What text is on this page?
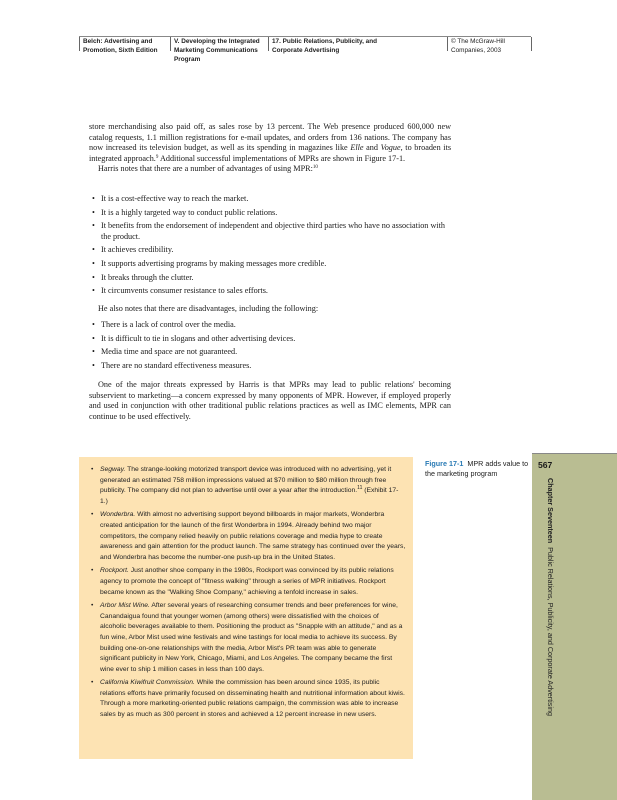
Belch: Advertising and Promotion, Sixth Edition
V. Developing the Integrated Marketing Communications Program
17. Public Relations, Publicity, and Corporate Advertising
© The McGraw-Hill Companies, 2003

store merchandising also paid off, as sales rose by 13 percent. The Web presence produced 600,000 new catalog requests, 1.1 million registrations for e-mail updates, and orders from 136 nations. The company has now increased its television budget, as well as its spending in magazines like Elle and Vogue, to broaden its integrated approach.$^9$ Additional successful implementations of MPRs are shown in Figure 17-1.

Harris notes that there are a number of advantages of using MPR:$^{10}$

• It is a cost-effective way to reach the market.
• It is a highly targeted way to conduct public relations.
• It benefits from the endorsement of independent and objective third parties who have no association with the product.
• It achieves credibility.
• It supports advertising programs by making messages more credible.
• It breaks through the clutter.
• It circumvents consumer resistance to sales efforts.

He also notes that there are disadvantages, including the following:

• There is a lack of control over the media.
• It is difficult to tie in slogans and other advertising devices.
• Media time and space are not guaranteed.
• There are no standard effectiveness measures.

One of the major threats expressed by Harris is that MPRs may lead to public relations' becoming subservient to marketing—a concern expressed by many opponents of MPR. However, if employed properly and used in conjunction with other traditional public relations practices as well as IMC elements, MPR can continue to be used effectively.

• Segway. The strange-looking motorized transport device was introduced with no advertising, yet it generated an estimated 758 million impressions valued at $70 million to $80 million through free publicity. The company did not plan to advertise until over a year after the introduction.$^{11}$ (Exhibit 17-1.)
• Wonderbra. With almost no advertising support beyond billboards in major markets, Wonderbra created anticipation for the launch of the first Wonderbra in 1994. Already behind two major competitors, the company relied heavily on public relations coverage and media hype to create awareness and gain attention for the product launch. The same strategy has continued over the years, and Wonderbra has become the number-one push-up bra in the United States.
• Rockport. Just another shoe company in the 1980s, Rockport was convinced by its public relations agency to promote the concept of "fitness walking" through a series of MPR initiatives. Rockport became known as the "Walking Shoe Company," achieving a tenfold increase in sales.
• Arbor Mist Wine. After several years of researching consumer trends and beer preferences for wine, Canandaigua found that younger women (among others) were dissatisfied with the choices of alcoholic beverages available to them. Positioning the product as "Snapple with an attitude," and as a fun wine, Arbor Mist used wine festivals and wine tastings for local media to achieve its success. By building one-on-one relationships with the media, Arbor Mist's PR team was able to generate significant publicity in New York, Chicago, Miami, and Los Angeles. The company became the first wine ever to ship 1 million cases in less than 100 days.
• California Kiwifruit Commission. While the commission has been around since 1935, its public relations efforts have primarily focused on disseminating health and nutritional information about kiwis. Through a more marketing-oriented public relations campaign, the commission was able to increase sales by as much as 300 percent in stores and achieved a 12 percent increase in new users.
Figure 17-1 MPR adds value to the marketing program
567
Chapter Seventeen  Public Relations, Publicity, and Corporate Advertising
